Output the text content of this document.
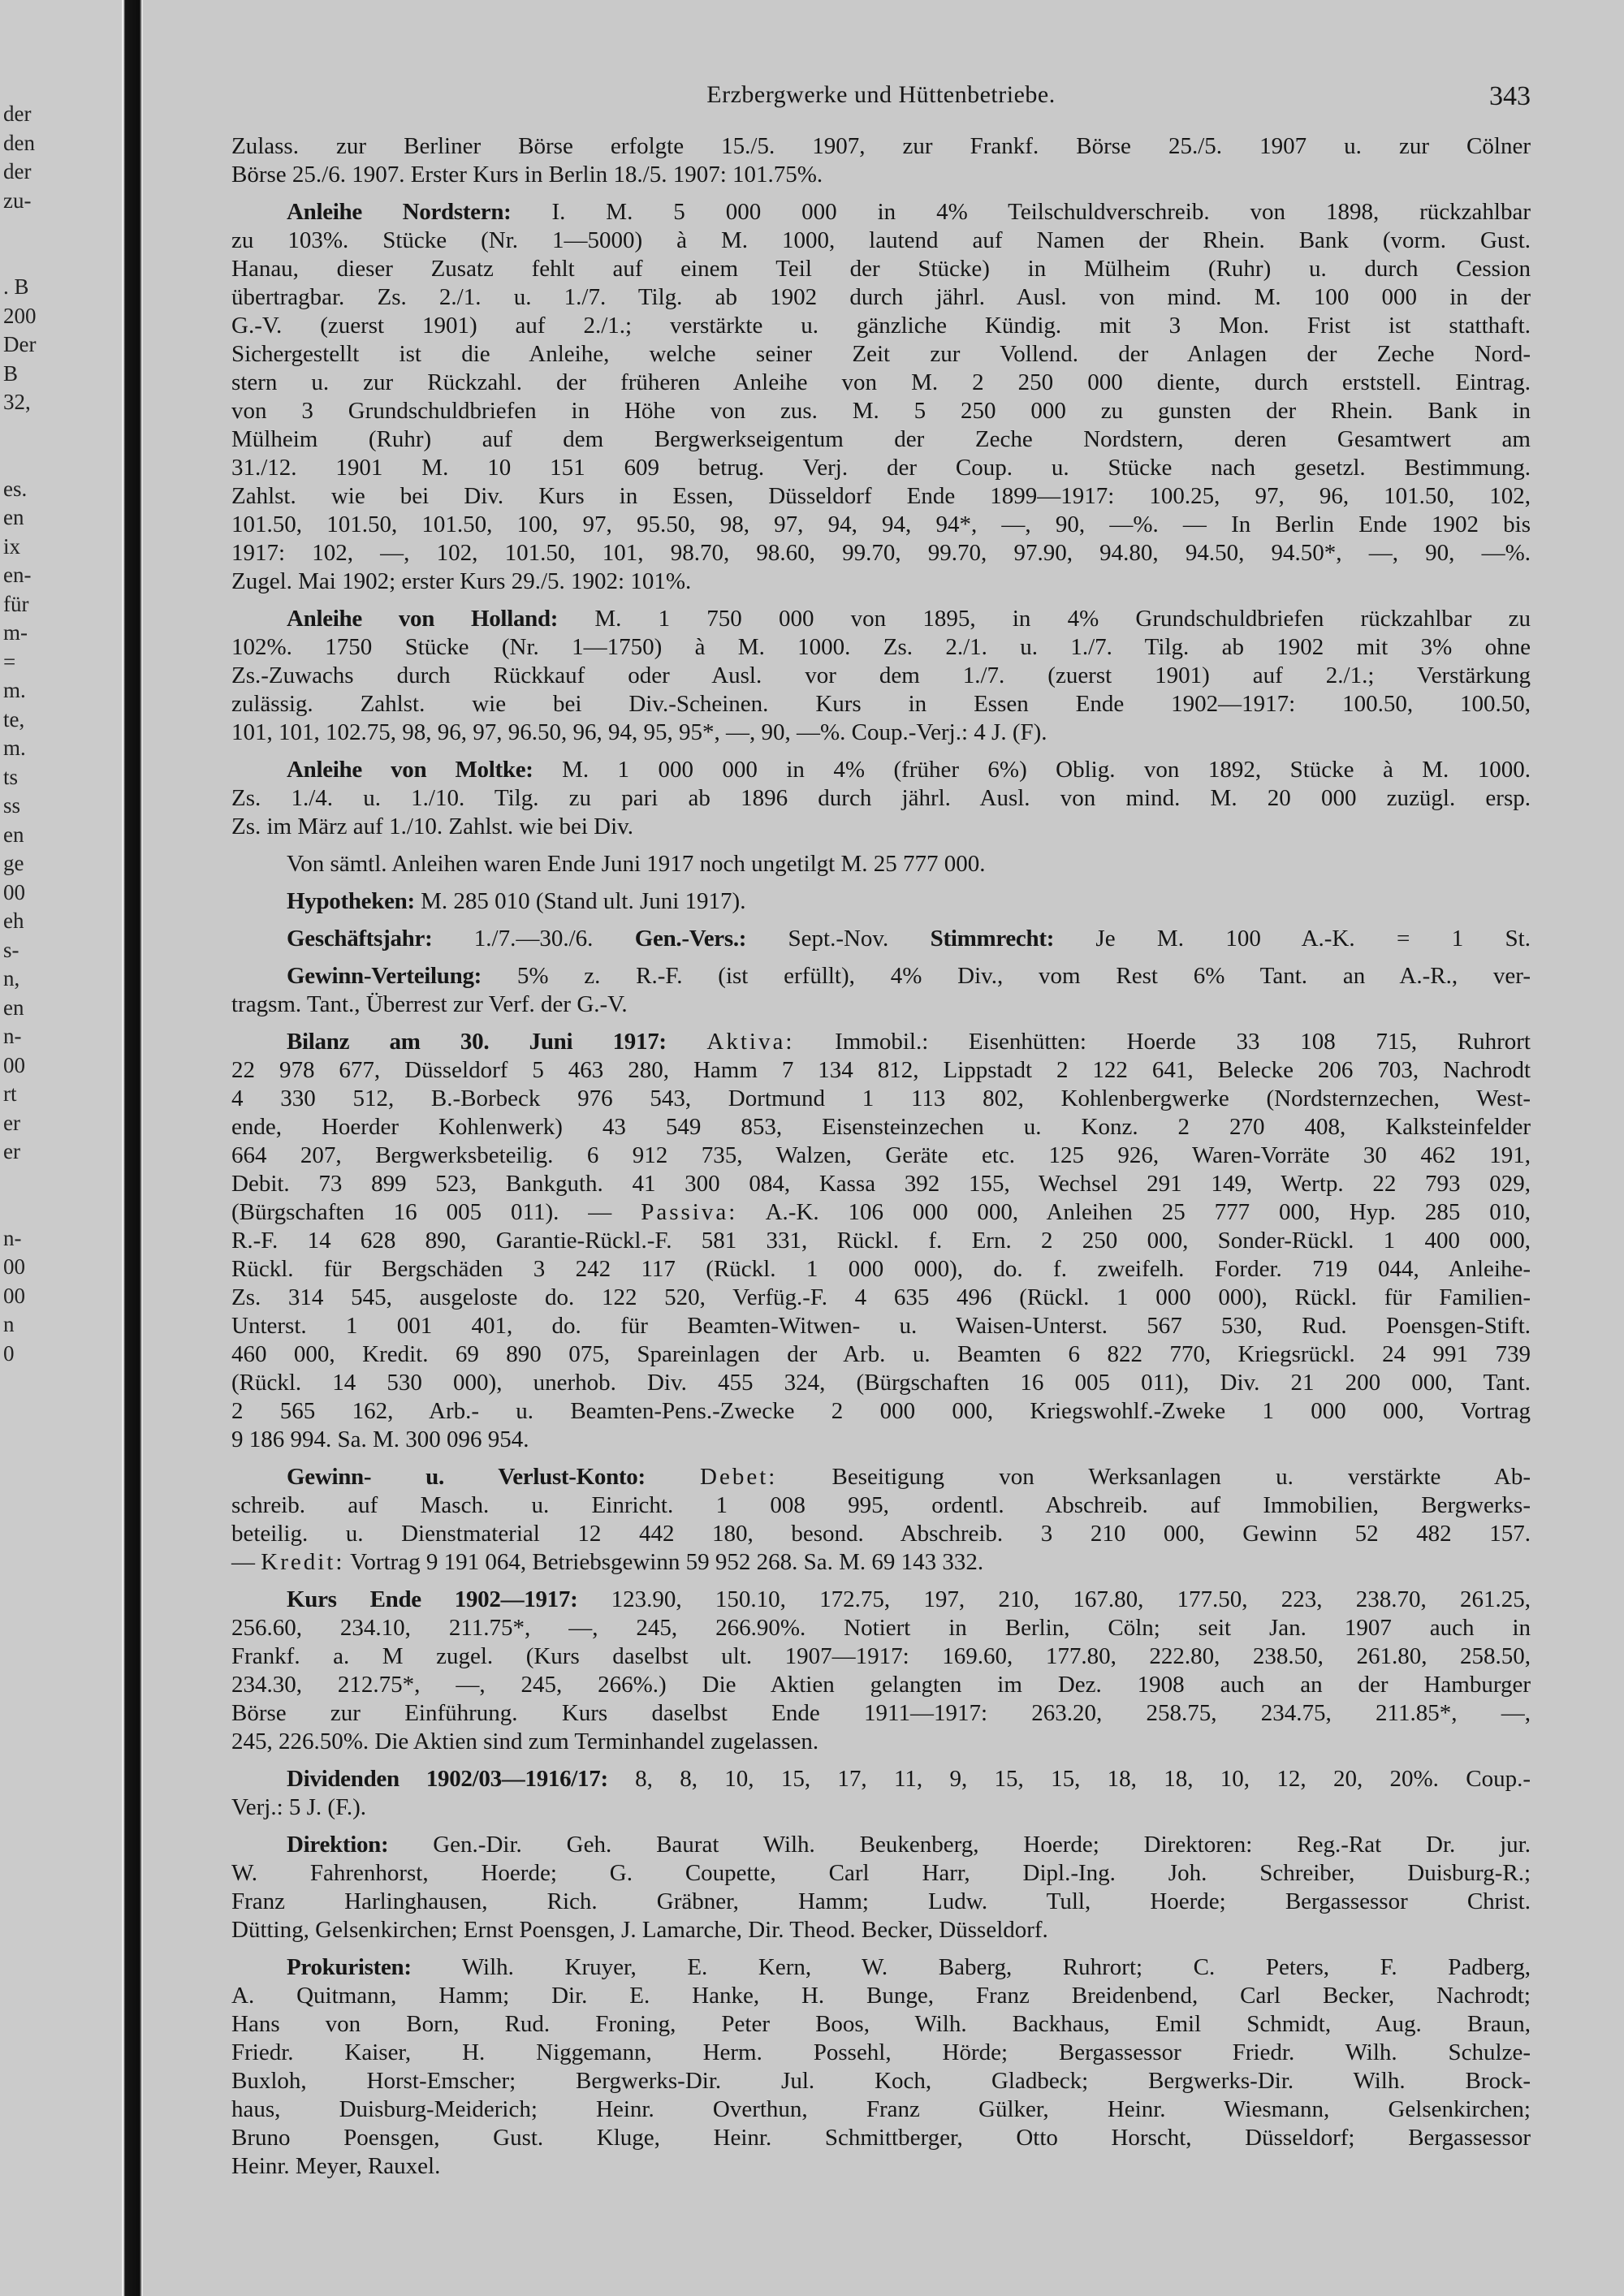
der
den
der
zu-
. B
200
Der
B
32,
es.
en
ix
en-
für
m-
=
m.
te,
m.
ts
ss
en
ge
00
eh
s-
n,
en
n-
00
rt
er
er
n-
00
00
n
0
Erzbergwerke und Hüttenbetriebe.	343
Zulass. zur Berliner Börse erfolgte 15./5. 1907, zur Frankf. Börse 25./5. 1907 u. zur Cölner
Börse 25./6. 1907. Erster Kurs in Berlin 18./5. 1907: 101.75%.
Anleihe Nordstern: I. M. 5 000 000 in 4% Teilschuldverschreib. von 1898, rückzahlbar
zu 103%. Stücke (Nr. 1—5000) à M. 1000, lautend auf Namen der Rhein. Bank (vorm. Gust.
Hanau, dieser Zusatz fehlt auf einem Teil der Stücke) in Mülheim (Ruhr) u. durch Cession
übertragbar. Zs. 2./1. u. 1./7. Tilg. ab 1902 durch jährl. Ausl. von mind. M. 100 000 in der
G.-V. (zuerst 1901) auf 2./1.; verstärkte u. gänzliche Kündig. mit 3 Mon. Frist ist statthaft.
Sichergestellt ist die Anleihe, welche seiner Zeit zur Vollend. der Anlagen der Zeche Nord-
stern u. zur Rückzahl. der früheren Anleihe von M. 2 250 000 diente, durch erststell. Eintrag.
von 3 Grundschuldbriefen in Höhe von zus. M. 5 250 000 zu gunsten der Rhein. Bank in
Mülheim (Ruhr) auf dem Bergwerkseigentum der Zeche Nordstern, deren Gesamtwert am
31./12. 1901 M. 10 151 609 betrug. Verj. der Coup. u. Stücke nach gesetzl. Bestimmung.
Zahlst. wie bei Div. Kurs in Essen, Düsseldorf Ende 1899—1917: 100.25, 97, 96, 101.50, 102,
101.50, 101.50, 101.50, 100, 97, 95.50, 98, 97, 94, 94, 94*, —, 90, —%. — In Berlin Ende 1902 bis
1917: 102, —, 102, 101.50, 101, 98.70, 98.60, 99.70, 99.70, 97.90, 94.80, 94.50, 94.50*, —, 90, —%.
Zugel. Mai 1902; erster Kurs 29./5. 1902: 101%.
Anleihe von Holland: M. 1 750 000 von 1895, in 4% Grundschuldbriefen rückzahlbar zu
102%. 1750 Stücke (Nr. 1—1750) à M. 1000. Zs. 2./1. u. 1./7. Tilg. ab 1902 mit 3% ohne
Zs.-Zuwachs durch Rückkauf oder Ausl. vor dem 1./7. (zuerst 1901) auf 2./1.; Verstärkung
zulässig. Zahlst. wie bei Div.-Scheinen. Kurs in Essen Ende 1902—1917: 100.50, 100.50,
101, 101, 102.75, 98, 96, 97, 96.50, 96, 94, 95, 95*, —, 90, —%. Coup.-Verj.: 4 J. (F).
Anleihe von Moltke: M. 1 000 000 in 4% (früher 6%) Oblig. von 1892, Stücke à M. 1000.
Zs. 1./4. u. 1./10. Tilg. zu pari ab 1896 durch jährl. Ausl. von mind. M. 20 000 zuzügl. ersp.
Zs. im März auf 1./10. Zahlst. wie bei Div.
Von sämtl. Anleihen waren Ende Juni 1917 noch ungetilgt M. 25 777 000.
Hypotheken: M. 285 010 (Stand ult. Juni 1917).
Geschäftsjahr: 1./7.—30./6. Gen.-Vers.: Sept.-Nov. Stimmrecht: Je M. 100 A.-K. = 1 St.
Gewinn-Verteilung: 5% z. R.-F. (ist erfüllt), 4% Div., vom Rest 6% Tant. an A.-R., ver-
tragsm. Tant., Überrest zur Verf. der G.-V.
Bilanz am 30. Juni 1917: Aktiva: Immobil.: Eisenhütten: Hoerde 33 108 715, Ruhrort
22 978 677, Düsseldorf 5 463 280, Hamm 7 134 812, Lippstadt 2 122 641, Belecke 206 703, Nachrodt
4 330 512, B.-Borbeck 976 543, Dortmund 1 113 802, Kohlenbergwerke (Nordsternzechen, West-
ende, Hoerder Kohlenwerk) 43 549 853, Eisensteinzechen u. Konz. 2 270 408, Kalksteinfelder
664 207, Bergwerksbeteilig. 6 912 735, Walzen, Geräte etc. 125 926, Waren-Vorräte 30 462 191,
Debit. 73 899 523, Bankguth. 41 300 084, Kassa 392 155, Wechsel 291 149, Wertp. 22 793 029,
(Bürgschaften 16 005 011). — Passiva: A.-K. 106 000 000, Anleihen 25 777 000, Hyp. 285 010,
R.-F. 14 628 890, Garantie-Rückl.-F. 581 331, Rückl. f. Ern. 2 250 000, Sonder-Rückl. 1 400 000,
Rückl. für Bergschäden 3 242 117 (Rückl. 1 000 000), do. f. zweifelh. Forder. 719 044, Anleihe-
Zs. 314 545, ausgeloste do. 122 520, Verfüg.-F. 4 635 496 (Rückl. 1 000 000), Rückl. für Familien-
Unterst. 1 001 401, do. für Beamten-Witwen- u. Waisen-Unterst. 567 530, Rud. Poensgen-Stift.
460 000, Kredit. 69 890 075, Spareinlagen der Arb. u. Beamten 6 822 770, Kriegsrückl. 24 991 739
(Rückl. 14 530 000), unerhob. Div. 455 324, (Bürgschaften 16 005 011), Div. 21 200 000, Tant.
2 565 162, Arb.- u. Beamten-Pens.-Zwecke 2 000 000, Kriegswohlf.-Zweke 1 000 000, Vortrag
9 186 994. Sa. M. 300 096 954.
Gewinn- u. Verlust-Konto: Debet: Beseitigung von Werksanlagen u. verstärkte Ab-
schreib. auf Masch. u. Einricht. 1 008 995, ordentl. Abschreib. auf Immobilien, Bergwerks-
beteilig. u. Dienstmaterial 12 442 180, besond. Abschreib. 3 210 000, Gewinn 52 482 157.
— Kredit: Vortrag 9 191 064, Betriebsgewinn 59 952 268. Sa. M. 69 143 332.
Kurs Ende 1902—1917: 123.90, 150.10, 172.75, 197, 210, 167.80, 177.50, 223, 238.70, 261.25,
256.60, 234.10, 211.75*, —, 245, 266.90%. Notiert in Berlin, Cöln; seit Jan. 1907 auch in
Frankf. a. M zugel. (Kurs daselbst ult. 1907—1917: 169.60, 177.80, 222.80, 238.50, 261.80, 258.50,
234.30, 212.75*, —, 245, 266%.) Die Aktien gelangten im Dez. 1908 auch an der Hamburger
Börse zur Einführung. Kurs daselbst Ende 1911—1917: 263.20, 258.75, 234.75, 211.85*, —,
245, 226.50%. Die Aktien sind zum Terminhandel zugelassen.
Dividenden 1902/03—1916/17: 8, 8, 10, 15, 17, 11, 9, 15, 15, 18, 18, 10, 12, 20, 20%. Coup.-
Verj.: 5 J. (F.).
Direktion: Gen.-Dir. Geh. Baurat Wilh. Beukenberg, Hoerde; Direktoren: Reg.-Rat Dr. jur.
W. Fahrenhorst, Hoerde; G. Coupette, Carl Harr, Dipl.-Ing. Joh. Schreiber, Duisburg-R.;
Franz Harlinghausen, Rich. Gräbner, Hamm; Ludw. Tull, Hoerde; Bergassessor Christ.
Dütting, Gelsenkirchen; Ernst Poensgen, J. Lamarche, Dir. Theod. Becker, Düsseldorf.
Prokuristen: Wilh. Kruyer, E. Kern, W. Baberg, Ruhrort; C. Peters, F. Padberg,
A. Quitmann, Hamm; Dir. E. Hanke, H. Bunge, Franz Breidenbend, Carl Becker, Nachrodt;
Hans von Born, Rud. Froning, Peter Boos, Wilh. Backhaus, Emil Schmidt, Aug. Braun,
Friedr. Kaiser, H. Niggemann, Herm. Possehl, Hörde; Bergassessor Friedr. Wilh. Schulze-
Buxloh, Horst-Emscher; Bergwerks-Dir. Jul. Koch, Gladbeck; Bergwerks-Dir. Wilh. Brock-
haus, Duisburg-Meiderich; Heinr. Overthun, Franz Gülker, Heinr. Wiesmann, Gelsenkirchen;
Bruno Poensgen, Gust. Kluge, Heinr. Schmittberger, Otto Horscht, Düsseldorf; Bergassessor
Heinr. Meyer, Rauxel.
